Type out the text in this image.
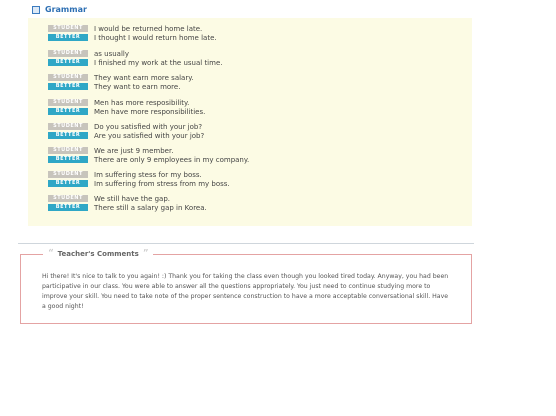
Grammar
STUDENT	I would be returned home late.
BETTER	I thought I would return home late.
STUDENT	as usually
BETTER	I finished my work at the usual time.
STUDENT	They want earn more salary.
BETTER	They want to earn more.
STUDENT	Men has more resposibility.
BETTER	Men have more responsibilities.
STUDENT	Do you satisfied with your job?
BETTER	Are you satisfied with your job?
STUDENT	We are just 9 member.
BETTER	There are only 9 employees in my company.
STUDENT	Im suffering stess for my boss.
BETTER	Im suffering from stress from my boss.
STUDENT	We still have the gap.
BETTER	There still a salary gap in Korea.
“ Teacher's Comments ”
Hi there! It's nice to talk to you again! :) Thank you for taking the class even though you looked tired today. Anyway, you had been participative in our class. You were able to answer all the questions appropriately. You just need to continue studying more to improve your skill. You need to take note of the proper sentence construction to have a more acceptable conversational skill. Have a good night!
